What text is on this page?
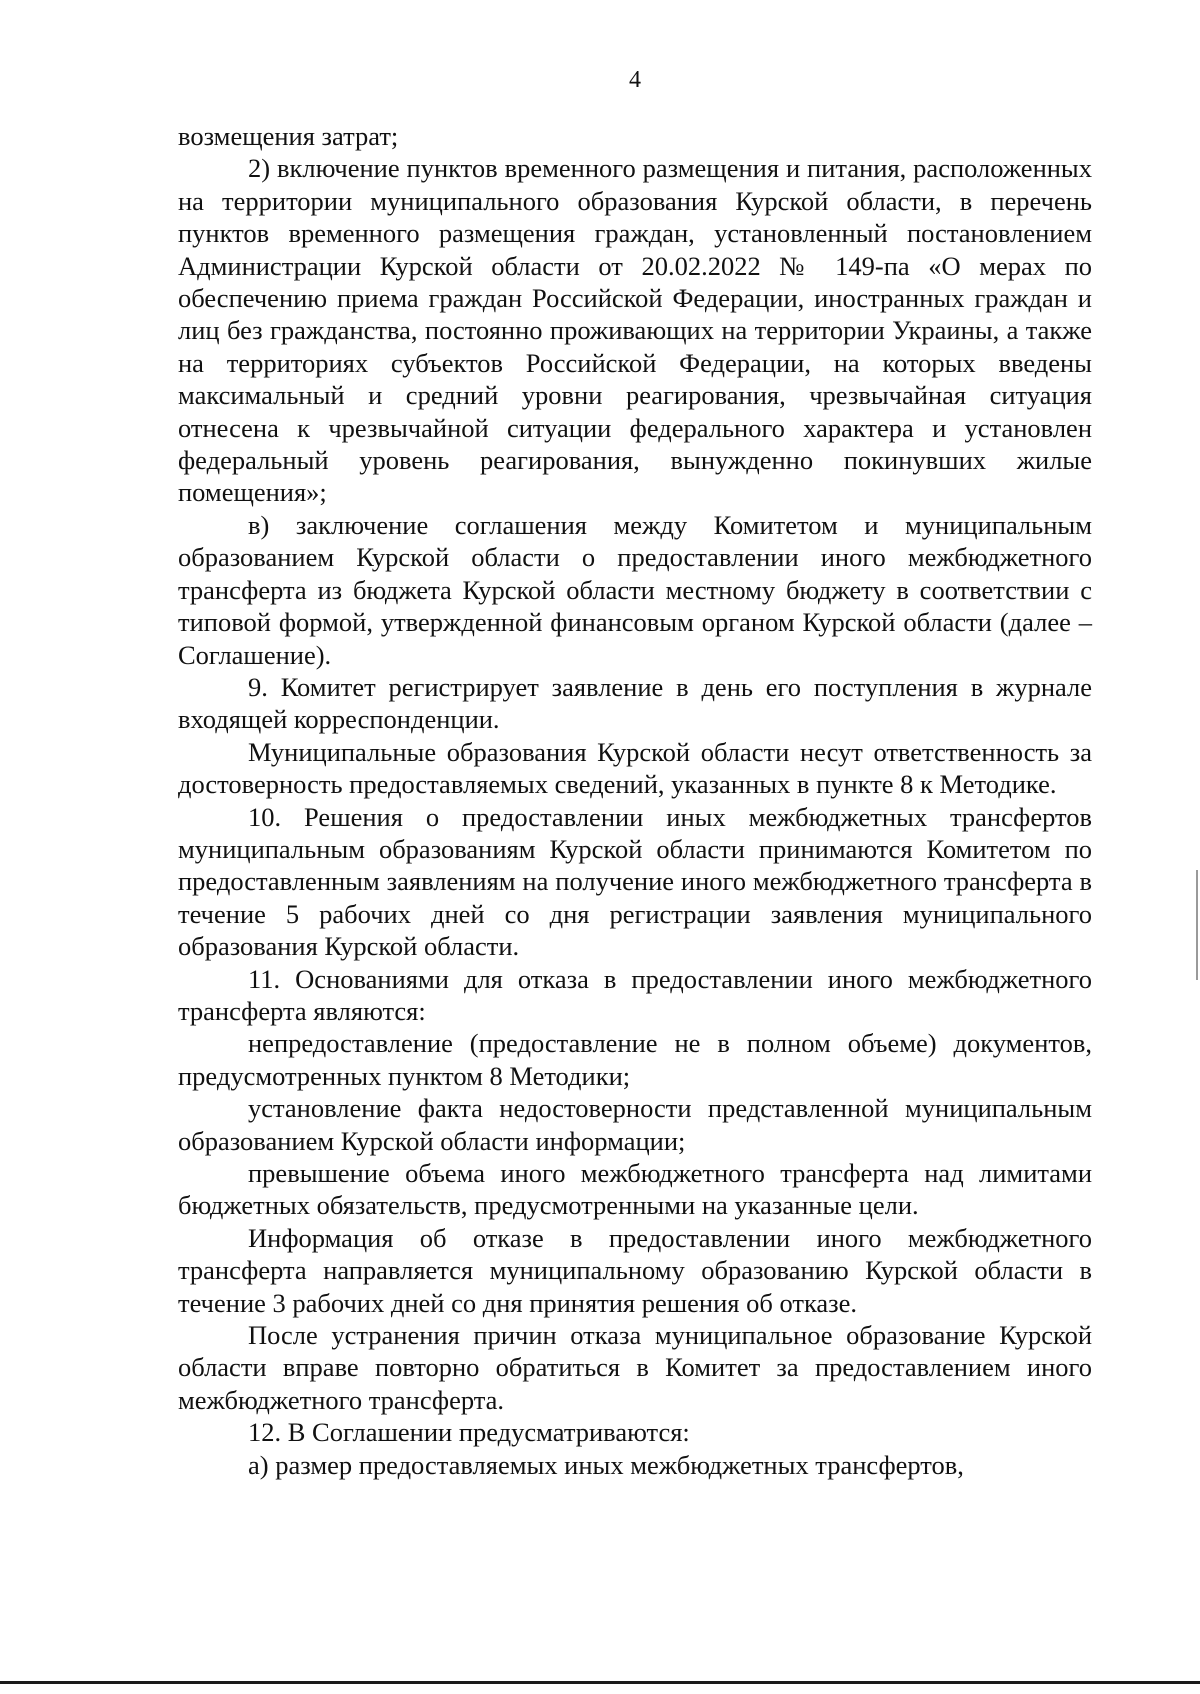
4

возмещения затрат;

2) включение пунктов временного размещения и питания, расположенных на территории муниципального образования Курской области, в перечень пунктов временного размещения граждан, установленный постановлением Администрации Курской области от 20.02.2022 № 149-па «О мерах по обеспечению приема граждан Российской Федерации, иностранных граждан и лиц без гражданства, постоянно проживающих на территории Украины, а также на территориях субъектов Российской Федерации, на которых введены максимальный и средний уровни реагирования, чрезвычайная ситуация отнесена к чрезвычайной ситуации федерального характера и установлен федеральный уровень реагирования, вынужденно покинувших жилые помещения»;

в) заключение соглашения между Комитетом и муниципальным образованием Курской области о предоставлении иного межбюджетного трансферта из бюджета Курской области местному бюджету в соответствии с типовой формой, утвержденной финансовым органом Курской области (далее – Соглашение).

9. Комитет регистрирует заявление в день его поступления в журнале входящей корреспонденции.

Муниципальные образования Курской области несут ответственность за достоверность предоставляемых сведений, указанных в пункте 8 к Методике.

10. Решения о предоставлении иных межбюджетных трансфертов муниципальным образованиям Курской области принимаются Комитетом по предоставленным заявлениям на получение иного межбюджетного трансферта в течение 5 рабочих дней со дня регистрации заявления муниципального образования Курской области.

11. Основаниями для отказа в предоставлении иного межбюджетного трансферта являются:

непредоставление (предоставление не в полном объеме) документов, предусмотренных пунктом 8 Методики;

установление факта недостоверности представленной муниципальным образованием Курской области информации;

превышение объема иного межбюджетного трансферта над лимитами бюджетных обязательств, предусмотренными на указанные цели.

Информация об отказе в предоставлении иного межбюджетного трансферта направляется муниципальному образованию Курской области в течение 3 рабочих дней со дня принятия решения об отказе.

После устранения причин отказа муниципальное образование Курской области вправе повторно обратиться в Комитет за предоставлением иного межбюджетного трансферта.

12. В Соглашении предусматриваются:

а) размер предоставляемых иных межбюджетных трансфертов,
